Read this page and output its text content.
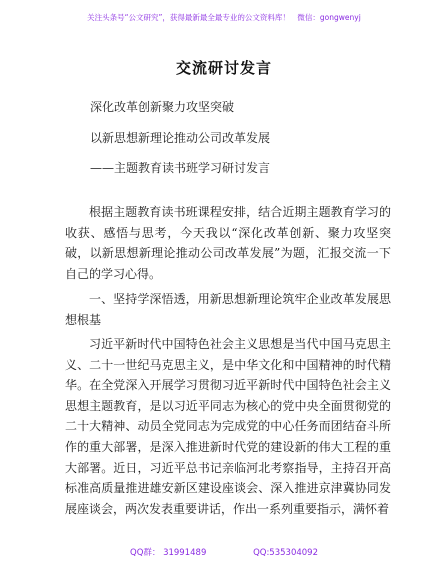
关注头条号“公文研究”，获得最新最全最专业的公文资料库！　微信：gongwenyj
交流研讨发言
深化改革创新聚力攻坚突破
以新思想新理论推动公司改革发展
——主题教育读书班学习研讨发言
根据主题教育读书班课程安排，结合近期主题教育学习的收获、感悟与思考，今天我以“深化改革创新、聚力攻坚突破，以新思想新理论推动公司改革发展”为题，汇报交流一下自己的学习心得。
一、坚持学深悟透，用新思想新理论筑牢企业改革发展思想根基
习近平新时代中国特色社会主义思想是当代中国马克思主义、二十一世纪马克思主义，是中华文化和中国精神的时代精华。在全党深入开展学习贯彻习近平新时代中国特色社会主义思想主题教育，是以习近平同志为核心的党中央全面贯彻党的二十大精神、动员全党同志为完成党的中心任务而团结奋斗所作的重大部署，是深入推进新时代党的建设新的伟大工程的重大部署。近日，习近平总书记亲临河北考察指导，主持召开高标准高质量推进雄安新区建设座谈会、深入推进京津冀协同发展座谈会，两次发表重要讲话，作出一系列重要指示，满怀着
QQ群： 31991489	QQ:535304092
